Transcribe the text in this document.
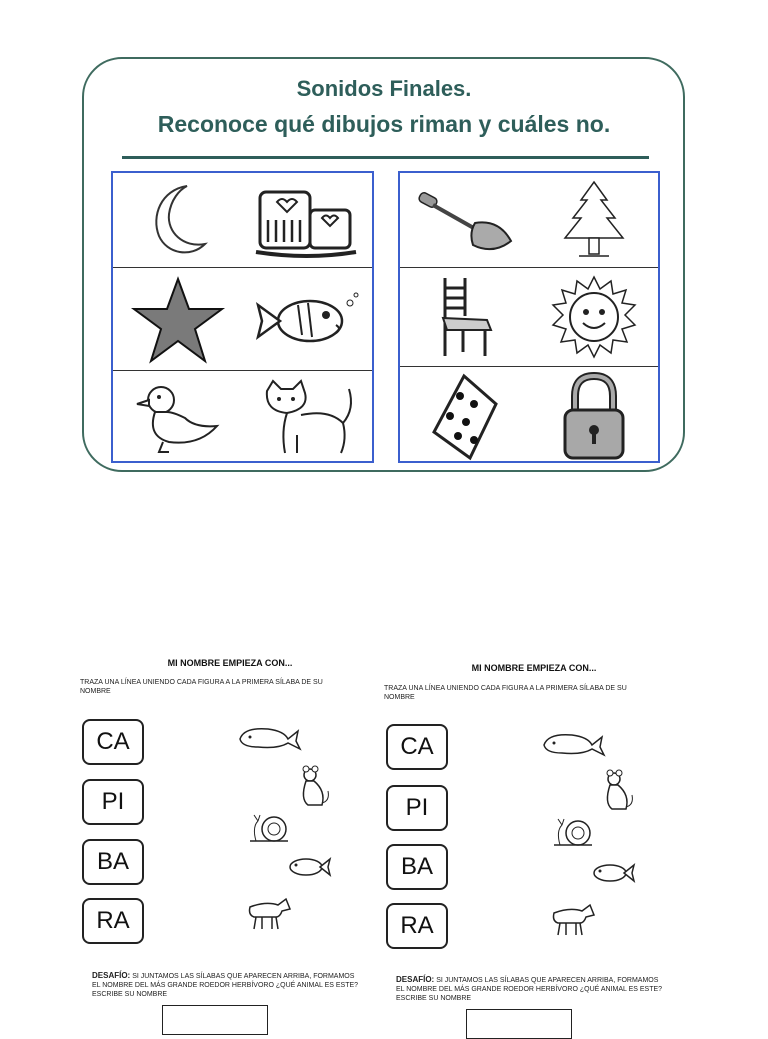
Sonidos Finales.
Reconoce qué dibujos riman y cuáles no.
MI NOMBRE EMPIEZA CON...
TRAZA UNA LÍNEA UNIENDO CADA FIGURA A LA PRIMERA SÍLABA DE SU NOMBRE
CA
PI
BA
RA
DESAFÍO: SI JUNTAMOS LAS SÍLABAS QUE APARECEN ARRIBA, FORMAMOS EL NOMBRE DEL MÁS GRANDE ROEDOR HERBÍVORO ¿QUÉ ANIMAL ES ESTE? ESCRIBE SU NOMBRE
MI NOMBRE EMPIEZA CON...
TRAZA UNA LÍNEA UNIENDO CADA FIGURA A LA PRIMERA SÍLABA DE SU NOMBRE
CA
PI
BA
RA
DESAFÍO: SI JUNTAMOS LAS SÍLABAS QUE APARECEN ARRIBA, FORMAMOS EL NOMBRE DEL MÁS GRANDE ROEDOR HERBÍVORO ¿QUÉ ANIMAL ES ESTE? ESCRIBE SU NOMBRE
